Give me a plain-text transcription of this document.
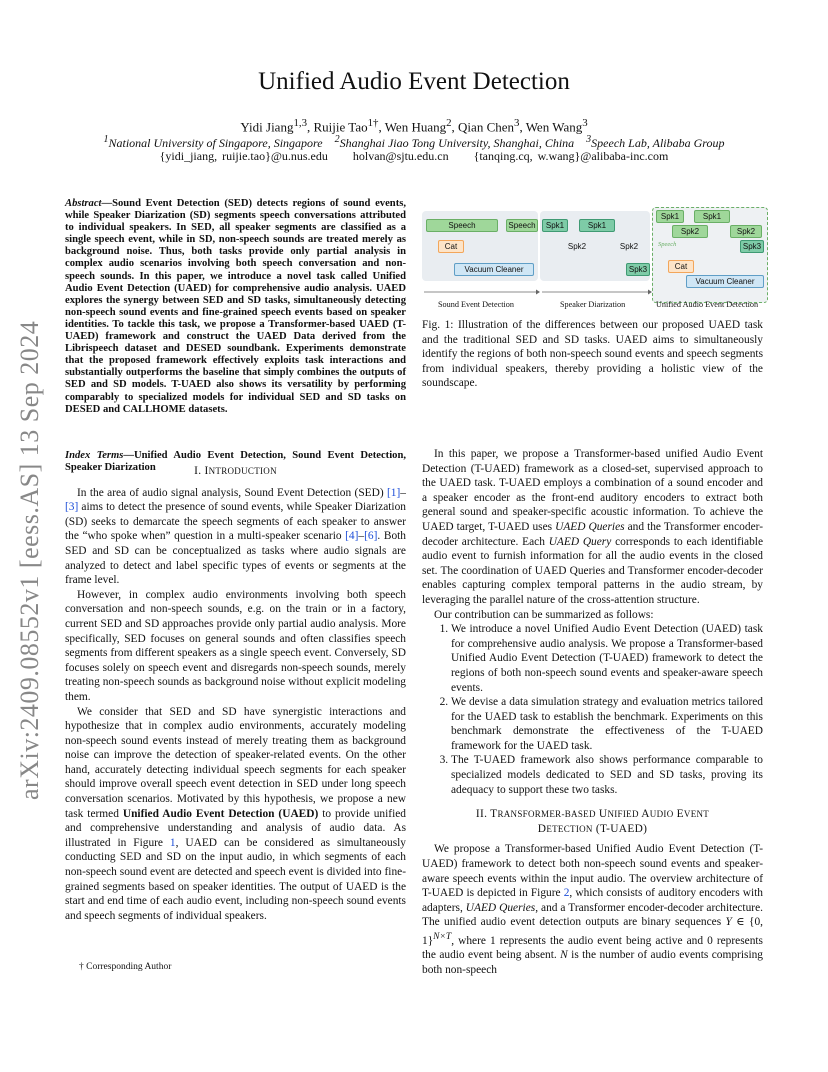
Unified Audio Event Detection
Yidi Jiang$^{1,3}$, Ruijie Tao$^{1\dagger}$, Wen Huang$^2$, Qian Chen$^3$, Wen Wang$^3$
$^1$National University of Singapore, Singapore    $^2$Shanghai Jiao Tong University, Shanghai, China    $^3$Speech Lab, Alibaba Group
{yidi_jiang, ruijie.tao}@u.nus.edu     holvan@sjtu.edu.cn     {tanqing.cq, w.wang}@alibaba-inc.com
arXiv:2409.08552v1 [eess.AS] 13 Sep 2024
Abstract—Sound Event Detection (SED) detects regions of sound events, while Speaker Diarization (SD) segments speech conversations attributed to individual speakers. In SED, all speaker segments are classified as a single speech event, while in SD, non-speech sounds are treated merely as background noise. Thus, both tasks provide only partial analysis in complex audio scenarios involving both speech conversation and non-speech sounds. In this paper, we introduce a novel task called Unified Audio Event Detection (UAED) for comprehensive audio analysis. UAED explores the synergy between SED and SD tasks, simultaneously detecting non-speech sound events and fine-grained speech events based on speaker identities. To tackle this task, we propose a Transformer-based UAED (T-UAED) framework and construct the UAED Data derived from the Librispeech dataset and DESED soundbank. Experiments demonstrate that the proposed framework effectively exploits task interactions and substantially outperforms the baseline that simply combines the outputs of SED and SD models. T-UAED also shows its versatility by performing comparably to specialized models for individual SED and SD tasks on DESED and CALLHOME datasets.
Index Terms—Unified Audio Event Detection, Sound Event Detection, Speaker Diarization	I. INTRODUCTION

In the area of audio signal analysis, Sound Event Detection (SED) [1]–[3] aims to detect the presence of sound events, while Speaker Diarization (SD) seeks to demarcate the speech segments of each speaker to answer the “who spoke when” question in a multi-speaker scenario [4]–[6]. Both SED and SD can be conceptualized as tasks where audio signals are analyzed to detect and label specific types of events or segments at the frame level.

However, in complex audio environments involving both speech conversation and non-speech sounds, e.g. on the train or in a factory, current SED and SD approaches provide only partial audio analysis. More specifically, SED focuses on general sounds and often classifies speech segments from different speakers as a single speech event. Conversely, SD focuses solely on speech event and disregards non-speech sounds, merely treating non-speech sounds as background noise without explicit modeling them.

We consider that SED and SD have synergistic interactions and hypothesize that in complex audio environments, accurately modeling non-speech sound events instead of merely treating them as background noise can improve the detection of speaker-related events. On the other hand, accurately detecting individual speech segments for each speaker should improve overall speech event detection in SED under long speech conversation scenarios. Motivated by this hypothesis, we propose a new task termed Unified Audio Event Detection (UAED) to provide unified and comprehensive understanding and analysis of audio data. As illustrated in Figure 1, UAED can be considered as simultaneously conducting SED and SD on the input audio, in which segments of each non-speech sound event are detected and speech event is divided into fine-grained segments based on speaker identities. The output of UAED is the start and end time of each audio event, including non-speech sound events and speech segments of individual speakers.

† Corresponding Author
Speech	Speech
Cat
Vacuum Cleaner
Sound Event Detection
Spk1	Spk1
Spk2	Spk2
Spk3
Speaker Diarization
Spk1	Spk1
Spk2	Spk2
Spk3
Speech
Cat
Vacuum Cleaner
Unified Audio Event Detection
Fig. 1: Illustration of the differences between our proposed UAED task and the traditional SED and SD tasks. UAED aims to simultaneously identify the regions of both non-speech sound events and speech segments from individual speakers, thereby providing a holistic view of the soundscape.

In this paper, we propose a Transformer-based unified Audio Event Detection (T-UAED) framework as a closed-set, supervised approach to the UAED task. T-UAED employs a combination of a sound encoder and a speaker encoder as the front-end auditory encoders to extract both general sound and speaker-specific acoustic information. To achieve the UAED target, T-UAED uses UAED Queries and the Transformer encoder-decoder architecture. Each UAED Query corresponds to each identifiable audio event to furnish information for all the audio events in the closed set. The coordination of UAED Queries and Transformer encoder-decoder enables capturing complex temporal patterns in the audio stream, by leveraging the parallel nature of the cross-attention structure.

Our contribution can be summarized as follows:

1. We introduce a novel Unified Audio Event Detection (UAED) task for comprehensive audio analysis. We propose a Transformer-based Unified Audio Event Detection (T-UAED) framework to detect the regions of both non-speech sound events and speaker-aware speech events.
2. We devise a data simulation strategy and evaluation metrics tailored for the UAED task to establish the benchmark. Experiments on this benchmark demonstrate the effectiveness of the T-UAED framework for the UAED task.
3. The T-UAED framework also shows performance comparable to specialized models dedicated to SED and SD tasks, proving its adequacy to support these two tasks.
II. TRANSFORMER-BASED UNIFIED AUDIO EVENT
DETECTION (T-UAED)

We propose a Transformer-based Unified Audio Event Detection (T-UAED) framework to detect both non-speech sound events and speaker-aware speech events within the input audio. The overview architecture of T-UAED is depicted in Figure 2, which consists of auditory encoders with adapters, UAED Queries, and a Transformer encoder-decoder architecture. The unified audio event detection outputs are binary sequences Y ∈ {0, 1}$^{N\times T}$, where 1 represents the audio event being active and 0 represents the audio event being absent. N is the number of audio events comprising both non-speech
